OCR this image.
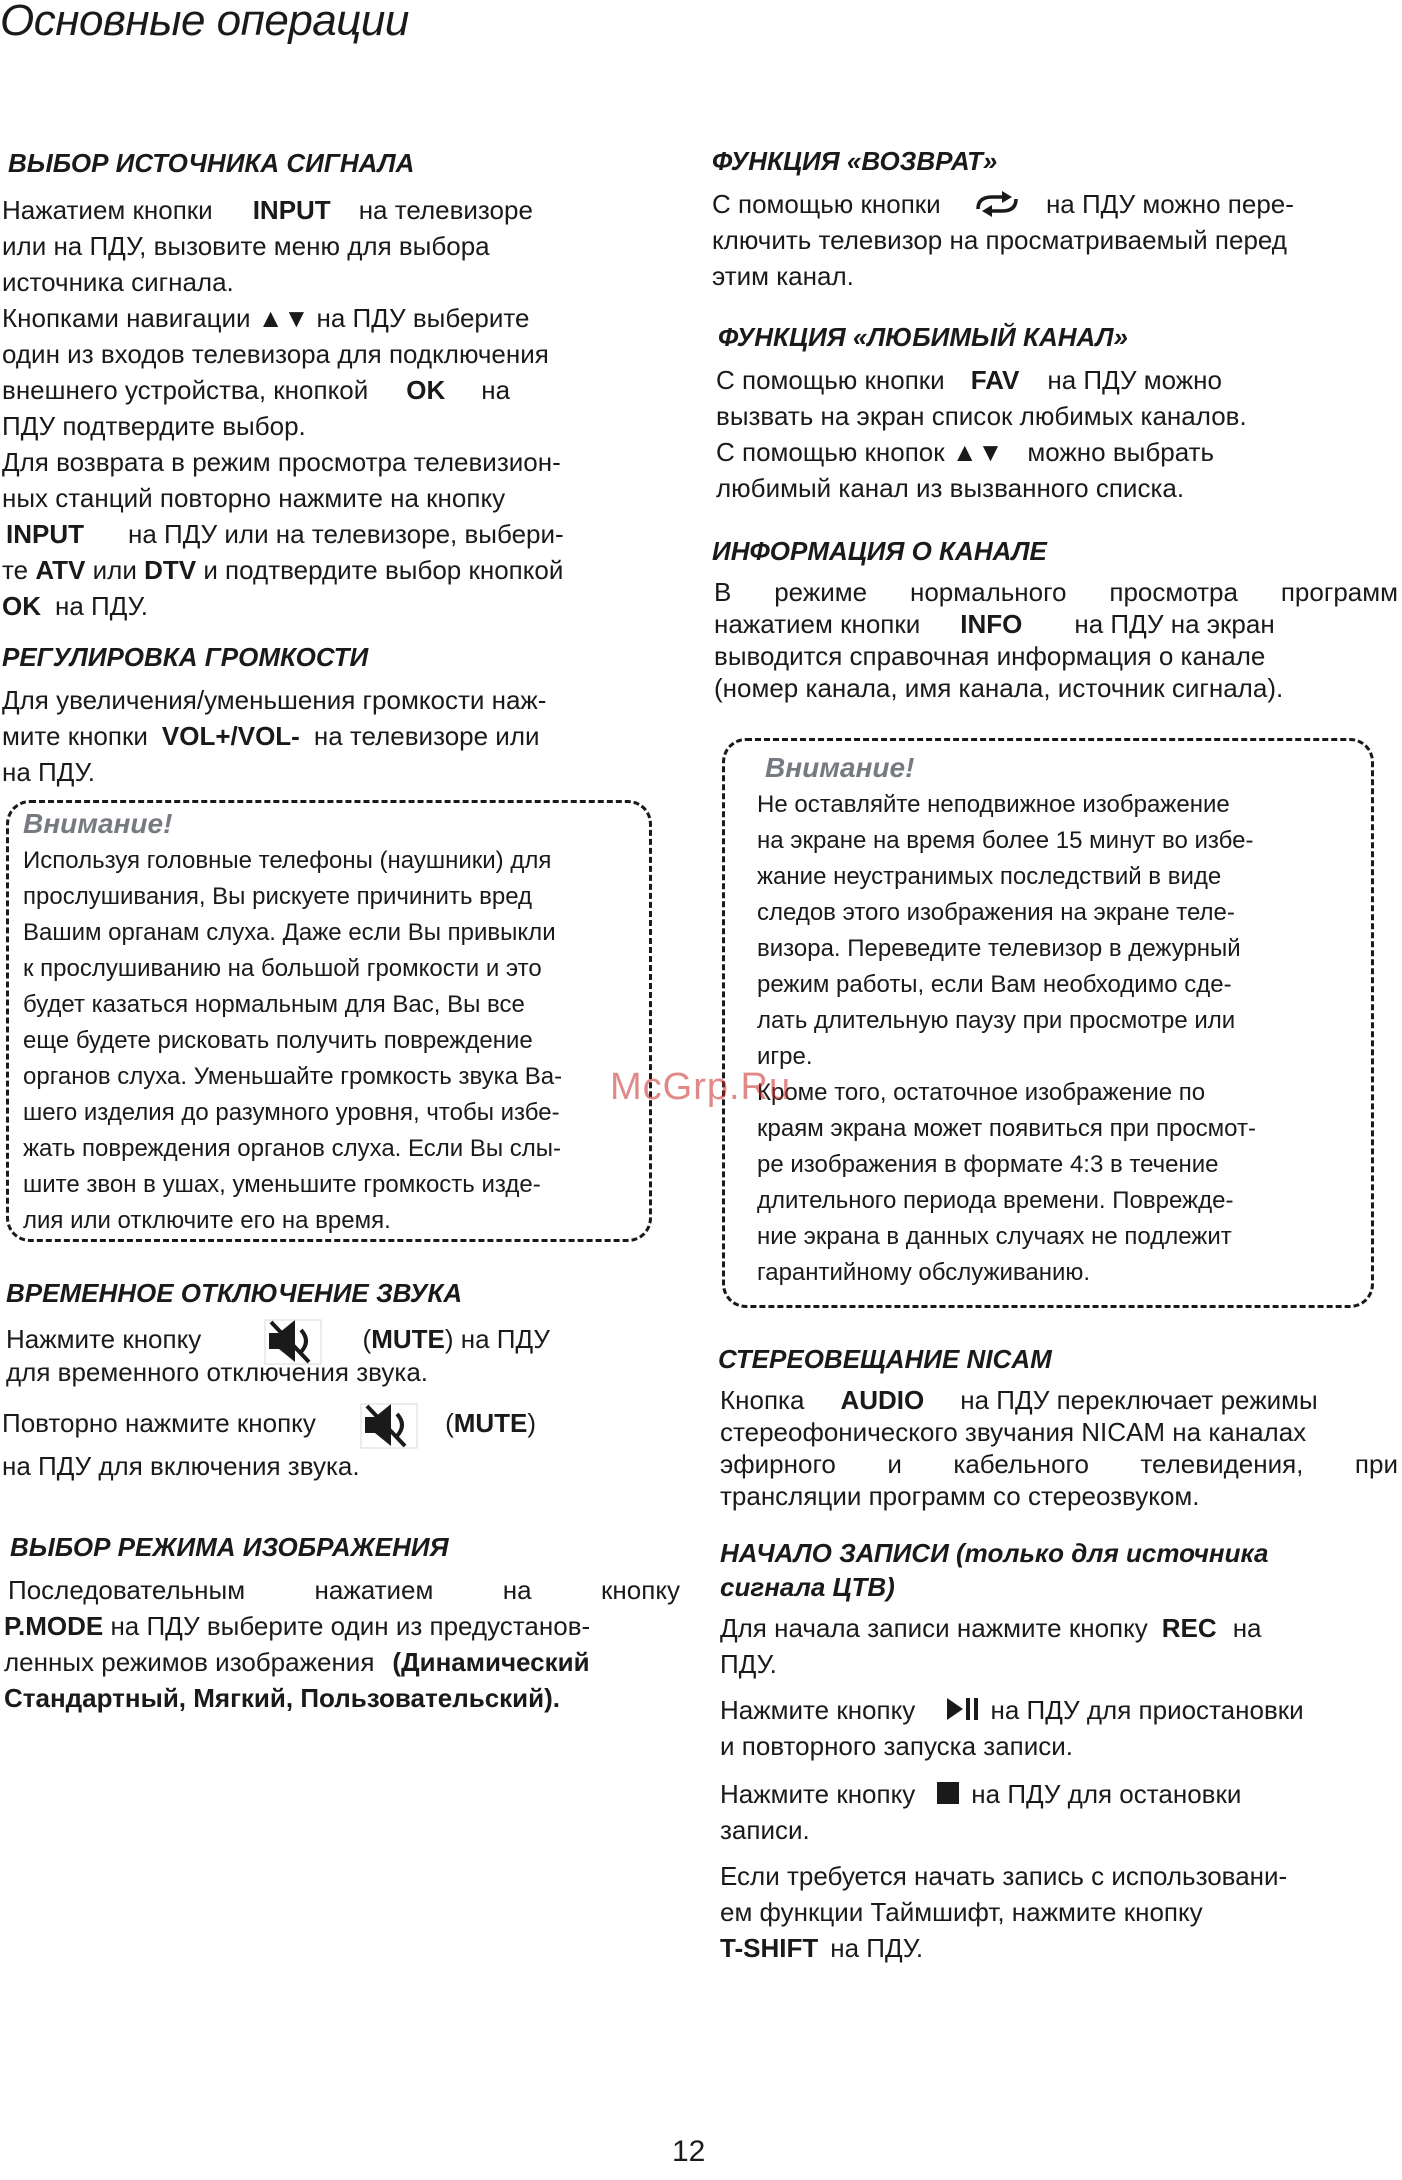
Основные операции
ВЫБОР ИСТОЧНИКА СИГНАЛА

Нажатием кнопки INPUT на телевизоре

или на ПДУ, вызовите меню для выбора

источника сигнала.

Кнопками навигации ▲▼ на ПДУ выберите

один из входов телевизора для подключения

внешнего устройства, кнопкой OK на

ПДУ подтвердите выбор.

Для возврата в режим просмотра телевизион-

ных станций повторно нажмите на кнопку

INPUT на ПДУ или на телевизоре, выбери-

те ATV или DTV и подтвердите выбор кнопкой

OK на ПДУ.

РЕГУЛИРОВКА ГРОМКОСТИ

Для увеличения/уменьшения громкости наж-

мите кнопки VOL+/VOL- на телевизоре или

на ПДУ.

Внимание!
Используя головные телефоны (наушники) для
прослушивания, Вы рискуете причинить вред
Вашим органам слуха. Даже если Вы привыкли
к прослушиванию на большой громкости и это
будет казаться нормальным для Вас, Вы все
еще будете рисковать получить повреждение
органов слуха. Уменьшайте громкость звука Ва-
шего изделия до разумного уровня, чтобы избе-
жать повреждения органов слуха. Если Вы слы-
шите звон в ушах, уменьшите громкость изде-
лия или отключите его на время.
ВРЕМЕННОЕ ОТКЛЮЧЕНИЕ ЗВУКА

Нажмите кнопку	(MUTE) на ПДУ

для временного отключения звука.

Повторно нажмите кнопку	(MUTE)

на ПДУ для включения звука.

ВЫБОР РЕЖИМА ИЗОБРАЖЕНИЯ

Последовательным нажатием на кнопку

P.MODE на ПДУ выберите один из предустанов-

ленных режимов изображения (Динамический

Стандартный, Мягкий, Пользовательский).

ФУНКЦИЯ «ВОЗВРАТ»

С помощью кнопки	на ПДУ можно пере-

ключить телевизор на просматриваемый перед

этим канал.

ФУНКЦИЯ «ЛЮБИМЫЙ КАНАЛ»

С помощью кнопки FAV на ПДУ можно

вызвать на экран список любимых каналов.

С помощью кнопок ▲▼ можно выбрать

любимый канал из вызванного списка.

ИНФОРМАЦИЯ О КАНАЛЕ

В режиме нормального просмотра программ

нажатием кнопки INFO на ПДУ на экран

выводится справочная информация о канале

(номер канала, имя канала, источник сигнала).

Внимание!
Не оставляйте неподвижное изображение
на экране на время более 15 минут во избе-
жание неустранимых последствий в виде
следов этого изображения на экране теле-
визора. Переведите телевизор в дежурный
режим работы, если Вам необходимо сде-
лать длительную паузу при просмотре или
игре.
Кроме того, остаточное изображение по
краям экрана может появиться при просмот-
ре изображения в формате 4:3 в течение
длительного периода времени. Поврежде-
ние экрана в данных случаях не подлежит
гарантийному обслуживанию.
СТЕРЕОВЕЩАНИЕ NICAM

Кнопка AUDIO на ПДУ переключает режимы

стереофонического звучания NICAM на каналах

эфирного и кабельного телевидения, при

трансляции программ со стереозвуком.

НАЧАЛО ЗАПИСИ (только для источника
сигнала ЦТВ)

Для начала записи нажмите кнопку REC на

ПДУ.

Нажмите кнопку	на ПДУ для приостановки

и повторного запуска записи.

Нажмите кнопку на ПДУ для остановки

записи.

Если требуется начать запись с использовани-

ем функции Таймшифт, нажмите кнопку

T-SHIFT на ПДУ.

McGrp.Ru
12
